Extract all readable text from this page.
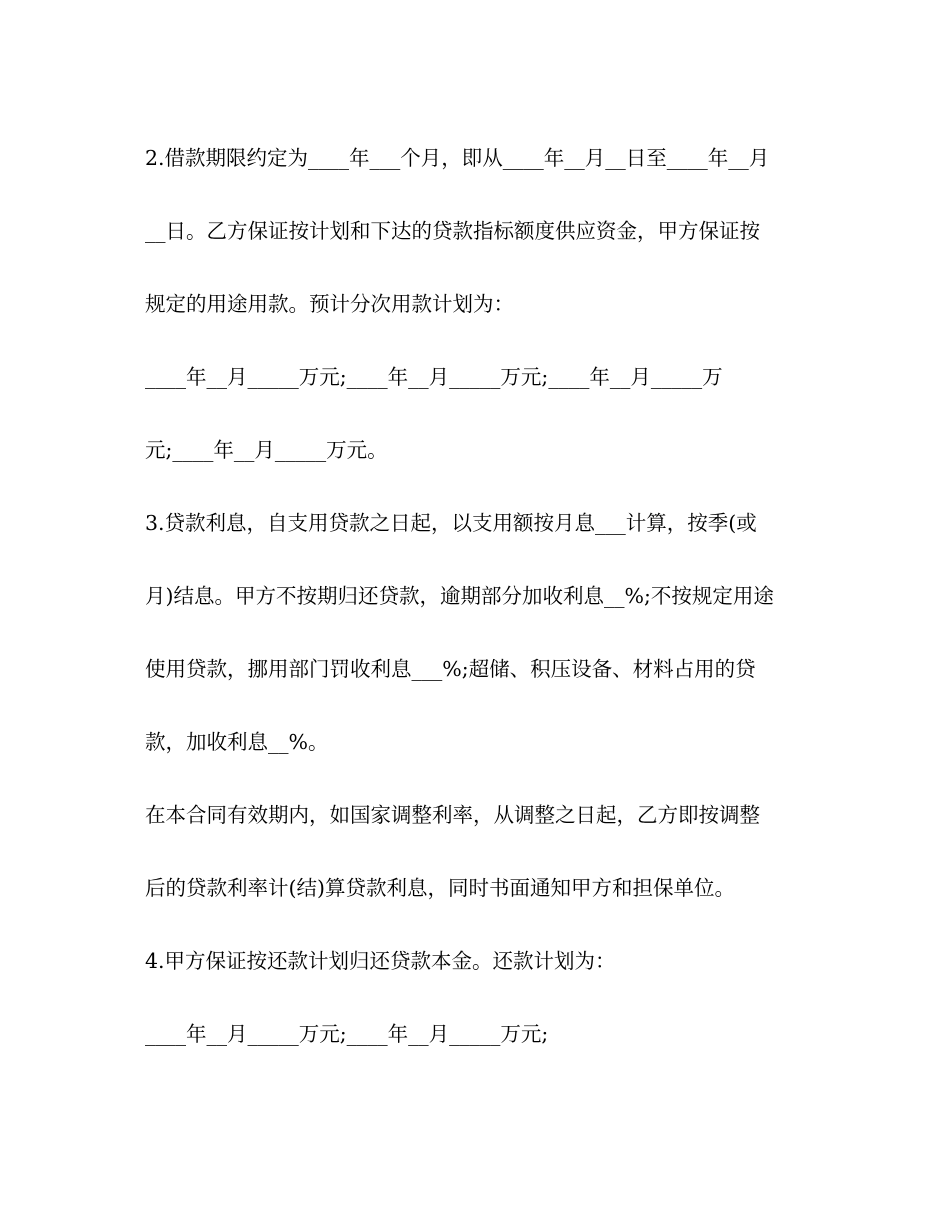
2.借款期限约定为____年___个月，即从____年__月__日至____年__月
__日。乙方保证按计划和下达的贷款指标额度供应资金，甲方保证按
规定的用途用款。预计分次用款计划为：
____年__月_____万元;____年__月_____万元;____年__月_____万
元;____年__月_____万元。
3.贷款利息，自支用贷款之日起，以支用额按月息___计算，按季(或
月)结息。甲方不按期归还贷款，逾期部分加收利息__%;不按规定用途
使用贷款，挪用部门罚收利息___%;超储、积压设备、材料占用的贷
款，加收利息__%。
在本合同有效期内，如国家调整利率，从调整之日起，乙方即按调整
后的贷款利率计(结)算贷款利息，同时书面通知甲方和担保单位。
4.甲方保证按还款计划归还贷款本金。还款计划为：
____年__月_____万元;____年__月_____万元;
